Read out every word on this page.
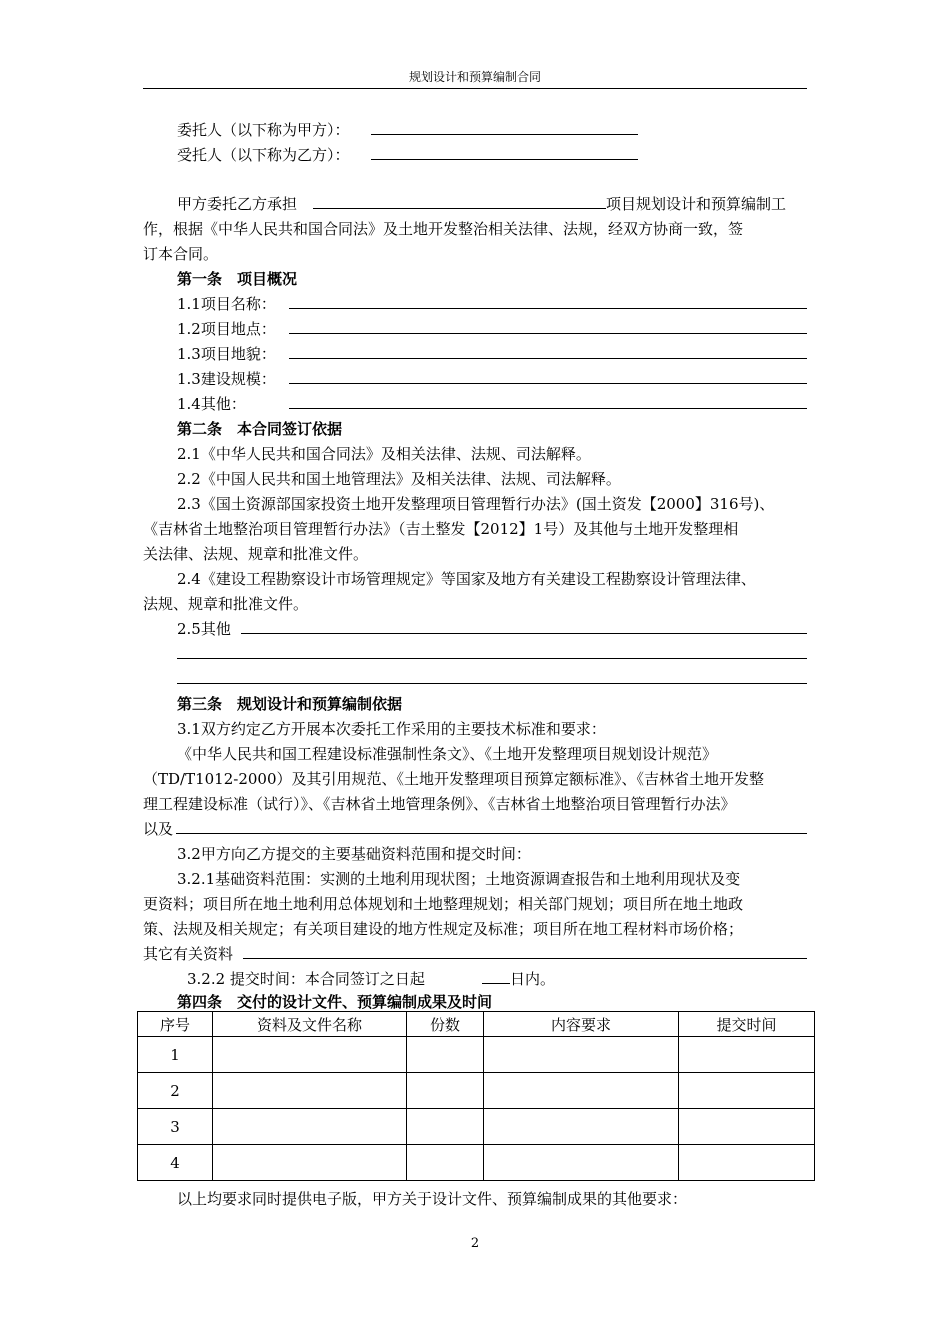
规划设计和预算编制合同
委托人（以下称为甲方）：
受托人（以下称为乙方）：
甲方委托乙方承担	项目规划设计和预算编制工
作，根据《中华人民共和国合同法》及土地开发整治相关法律、法规，经双方协商一致，签
订本合同。
第一条　项目概况
1.1项目名称：
1.2项目地点：
1.3项目地貌：
1.3建设规模：
1.4其他：
第二条　本合同签订依据
2.1《中华人民共和国合同法》及相关法律、法规、司法解释。
2.2《中国人民共和国土地管理法》及相关法律、法规、司法解释。
2.3《国土资源部国家投资土地开发整理项目管理暂行办法》(国土资发【2000】316号)、
《吉林省土地整治项目管理暂行办法》（吉土整发【2012】1号）及其他与土地开发整理相
关法律、法规、规章和批准文件。
2.4《建设工程勘察设计市场管理规定》等国家及地方有关建设工程勘察设计管理法律、
法规、规章和批准文件。
2.5其他
第三条　规划设计和预算编制依据
3.1双方约定乙方开展本次委托工作采用的主要技术标准和要求：
《中华人民共和国工程建设标准强制性条文》、《土地开发整理项目规划设计规范》
（TD/T1012-2000）及其引用规范、《土地开发整理项目预算定额标准》、《吉林省土地开发整
理工程建设标准（试行）》、《吉林省土地管理条例》、《吉林省土地整治项目管理暂行办法》
以及
3.2甲方向乙方提交的主要基础资料范围和提交时间：
3.2.1基础资料范围：实测的土地利用现状图；土地资源调查报告和土地利用现状及变
更资料；项目所在地土地利用总体规划和土地整理规划；相关部门规划；项目所在地土地政
策、法规及相关规定；有关项目建设的地方性规定及标准；项目所在地工程材料市场价格；
其它有关资料
3.2.2 提交时间：本合同签订之日起	日内。
第四条　交付的设计文件、预算编制成果及时间
序号	资料及文件名称	份数	内容要求	提交时间
1				
2				
3				
4				
以上均要求同时提供电子版，甲方关于设计文件、预算编制成果的其他要求：
2
